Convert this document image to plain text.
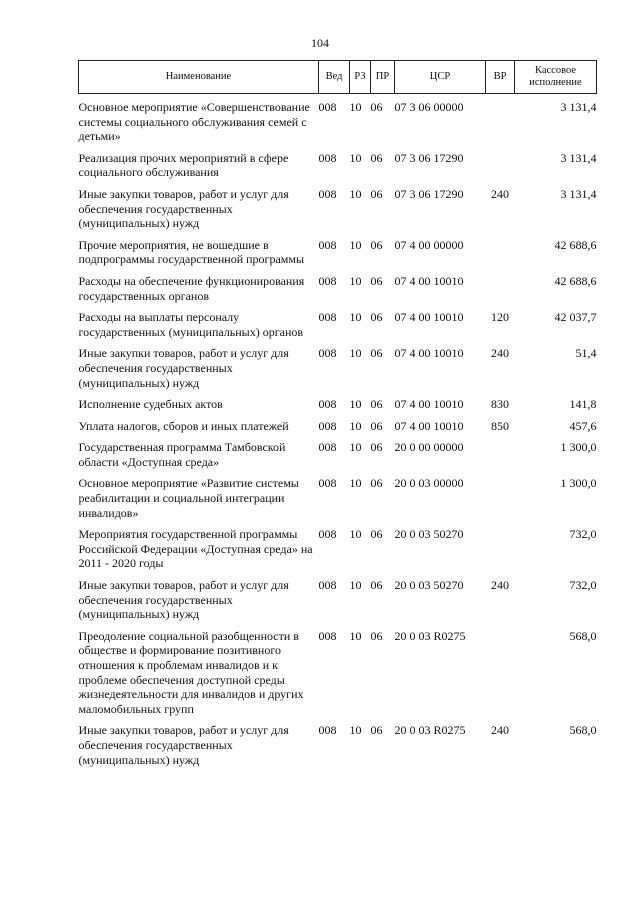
104
Наименование	Вед	РЗ	ПР	ЦСР	ВР	Кассовое исполнение
Основное мероприятие «Совершенствование системы социального обслуживания семей с детьми»	008	10	06	07 3 06 00000		3 131,4

Реализация прочих мероприятий в сфере социального обслуживания	008	10	06	07 3 06 17290		3 131,4

Иные закупки товаров, работ и услуг для обеспечения государственных (муниципальных) нужд	008	10	06	07 3 06 17290	240	3 131,4

Прочие мероприятия, не вошедшие в подпрограммы государственной программы	008	10	06	07 4 00 00000		42 688,6

Расходы на обеспечение функционирования государственных органов	008	10	06	07 4 00 10010		42 688,6

Расходы на выплаты персоналу государственных (муниципальных) органов	008	10	06	07 4 00 10010	120	42 037,7

Иные закупки товаров, работ и услуг для обеспечения государственных (муниципальных) нужд	008	10	06	07 4 00 10010	240	51,4

Исполнение судебных актов	008	10	06	07 4 00 10010	830	141,8

Уплата налогов, сборов и иных платежей	008	10	06	07 4 00 10010	850	457,6

Государственная программа Тамбовской области «Доступная среда»	008	10	06	20 0 00 00000		1 300,0

Основное мероприятие «Развитие системы реабилитации и социальной интеграции инвалидов»	008	10	06	20 0 03 00000		1 300,0

Мероприятия государственной программы Российской Федерации «Доступная среда» на 2011 - 2020 годы	008	10	06	20 0 03 50270		732,0

Иные закупки товаров, работ и услуг для обеспечения государственных (муниципальных) нужд	008	10	06	20 0 03 50270	240	732,0

Преодоление социальной разобщенности в обществе и формирование позитивного отношения к проблемам инвалидов и к проблеме обеспечения доступной среды жизнедеятельности для инвалидов и других маломобильных групп	008	10	06	20 0 03 R0275		568,0

Иные закупки товаров, работ и услуг для обеспечения государственных (муниципальных) нужд	008	10	06	20 0 03 R0275	240	568,0
